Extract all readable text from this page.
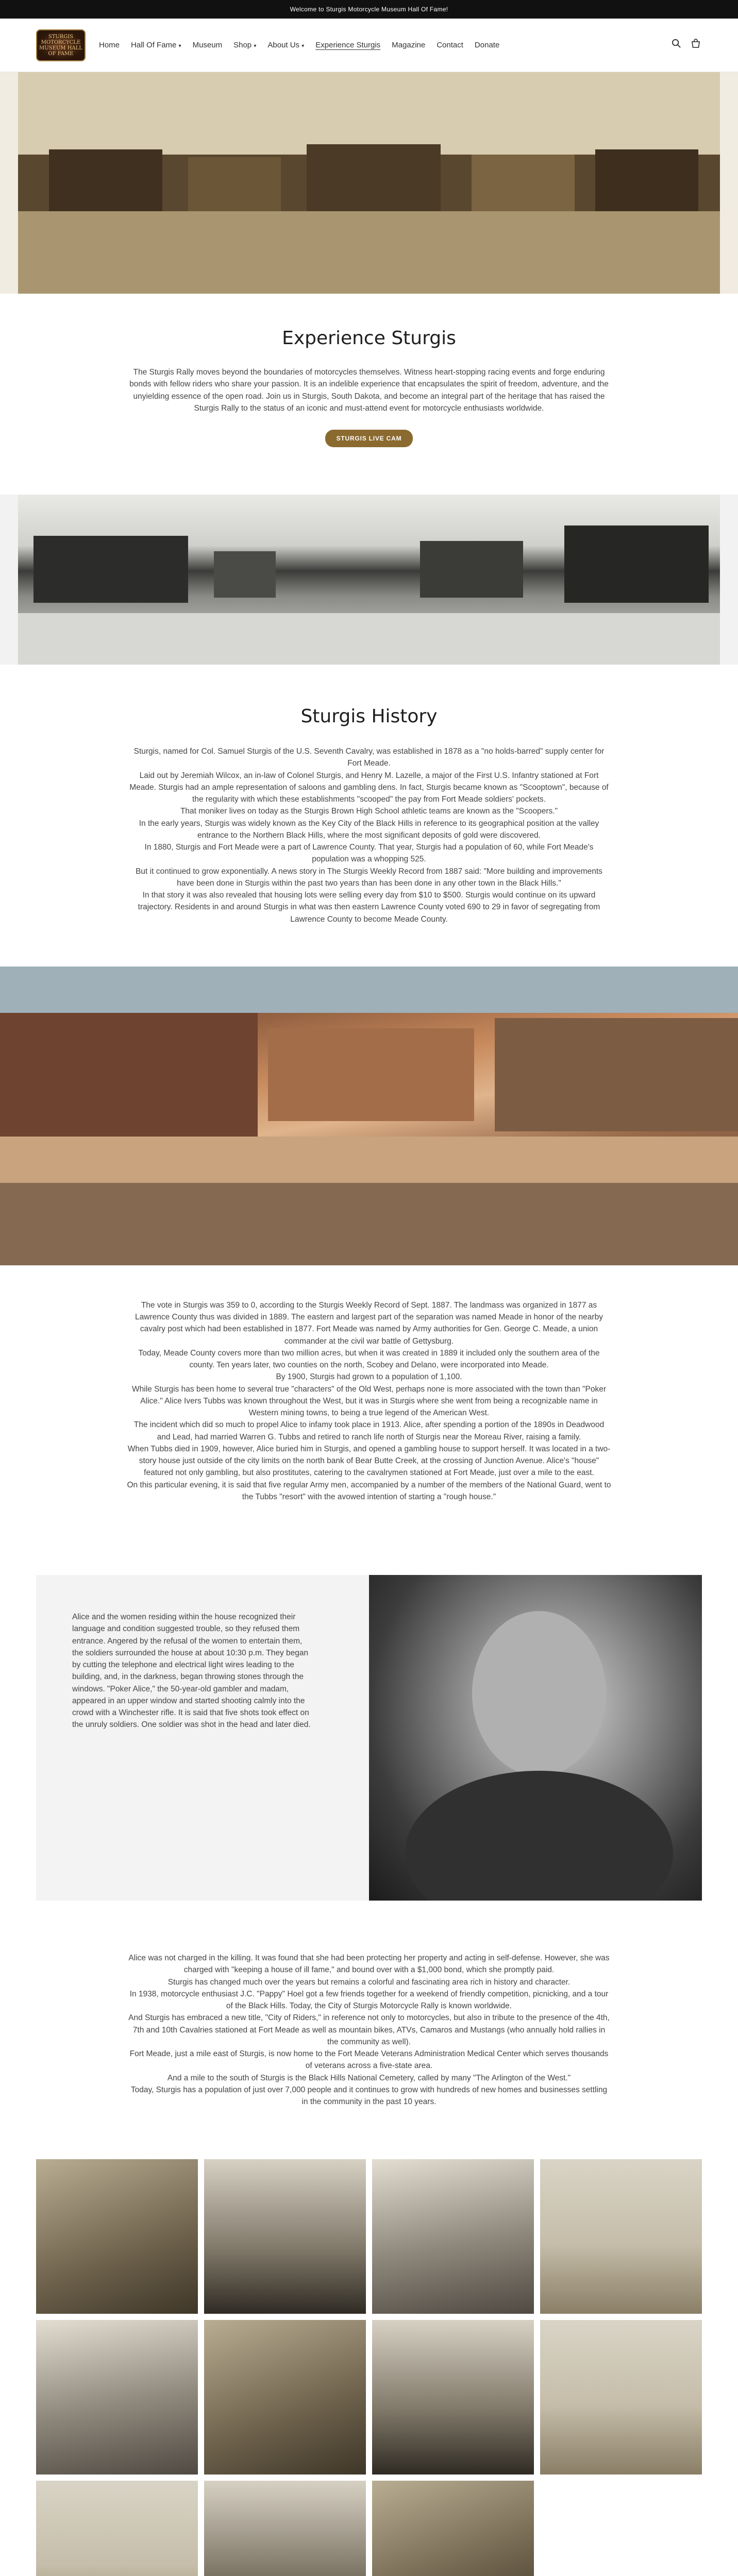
Welcome to Sturgis Motorcycle Museum Hall Of Fame!
STURGIS MOTORCYCLE MUSEUM HALL OF FAME
Home Hall Of Fame ▾ Museum Shop ▾ About Us ▾ Experience Sturgis Magazine Contact Donate
Experience Sturgis

The Sturgis Rally moves beyond the boundaries of motorcycles themselves. Witness heart-stopping racing events and forge enduring bonds with fellow riders who share your passion. It is an indelible experience that encapsulates the spirit of freedom, adventure, and the unyielding essence of the open road. Join us in Sturgis, South Dakota, and become an integral part of the heritage that has raised the Sturgis Rally to the status of an iconic and must-attend event for motorcycle enthusiasts worldwide.

STURGIS LIVE CAM
Sturgis History

Sturgis, named for Col. Samuel Sturgis of the U.S. Seventh Cavalry, was established in 1878 as a "no holds-barred" supply center for Fort Meade.

Laid out by Jeremiah Wilcox, an in-law of Colonel Sturgis, and Henry M. Lazelle, a major of the First U.S. Infantry stationed at Fort Meade. Sturgis had an ample representation of saloons and gambling dens. In fact, Sturgis became known as "Scooptown", because of the regularity with which these establishments "scooped" the pay from Fort Meade soldiers' pockets.

That moniker lives on today as the Sturgis Brown High School athletic teams are known as the "Scoopers."

In the early years, Sturgis was widely known as the Key City of the Black Hills in reference to its geographical position at the valley entrance to the Northern Black Hills, where the most significant deposits of gold were discovered.

In 1880, Sturgis and Fort Meade were a part of Lawrence County. That year, Sturgis had a population of 60, while Fort Meade's population was a whopping 525.

But it continued to grow exponentially. A news story in The Sturgis Weekly Record from 1887 said: "More building and improvements have been done in Sturgis within the past two years than has been done in any other town in the Black Hills."

In that story it was also revealed that housing lots were selling every day from $10 to $500. Sturgis would continue on its upward trajectory. Residents in and around Sturgis in what was then eastern Lawrence County voted 690 to 29 in favor of segregating from Lawrence County to become Meade County.

The vote in Sturgis was 359 to 0, according to the Sturgis Weekly Record of Sept. 1887. The landmass was organized in 1877 as Lawrence County thus was divided in 1889. The eastern and largest part of the separation was named Meade in honor of the nearby cavalry post which had been established in 1877. Fort Meade was named by Army authorities for Gen. George C. Meade, a union commander at the civil war battle of Gettysburg.

Today, Meade County covers more than two million acres, but when it was created in 1889 it included only the southern area of the county. Ten years later, two counties on the north, Scobey and Delano, were incorporated into Meade.

By 1900, Sturgis had grown to a population of 1,100.

While Sturgis has been home to several true "characters" of the Old West, perhaps none is more associated with the town than "Poker Alice." Alice Ivers Tubbs was known throughout the West, but it was in Sturgis where she went from being a recognizable name in Western mining towns, to being a true legend of the American West.

The incident which did so much to propel Alice to infamy took place in 1913. Alice, after spending a portion of the 1890s in Deadwood and Lead, had married Warren G. Tubbs and retired to ranch life north of Sturgis near the Moreau River, raising a family.

When Tubbs died in 1909, however, Alice buried him in Sturgis, and opened a gambling house to support herself. It was located in a two-story house just outside of the city limits on the north bank of Bear Butte Creek, at the crossing of Junction Avenue. Alice's "house" featured not only gambling, but also prostitutes, catering to the cavalrymen stationed at Fort Meade, just over a mile to the east.

On this particular evening, it is said that five regular Army men, accompanied by a number of the members of the National Guard, went to the Tubbs "resort" with the avowed intention of starting a "rough house."

Alice and the women residing within the house recognized their language and condition suggested trouble, so they refused them entrance. Angered by the refusal of the women to entertain them, the soldiers surrounded the house at about 10:30 p.m. They began by cutting the telephone and electrical light wires leading to the building, and, in the darkness, began throwing stones through the windows. "Poker Alice," the 50-year-old gambler and madam, appeared in an upper window and started shooting calmly into the crowd with a Winchester rifle. It is said that five shots took effect on the unruly soldiers. One soldier was shot in the head and later died.

Alice was not charged in the killing. It was found that she had been protecting her property and acting in self-defense. However, she was charged with "keeping a house of ill fame," and bound over with a $1,000 bond, which she promptly paid.

Sturgis has changed much over the years but remains a colorful and fascinating area rich in history and character.

In 1938, motorcycle enthusiast J.C. "Pappy" Hoel got a few friends together for a weekend of friendly competition, picnicking, and a tour of the Black Hills. Today, the City of Sturgis Motorcycle Rally is known worldwide.

And Sturgis has embraced a new title, "City of Riders," in reference not only to motorcycles, but also in tribute to the presence of the 4th, 7th and 10th Cavalries stationed at Fort Meade as well as mountain bikes, ATVs, Camaros and Mustangs (who annually hold rallies in the community as well).

Fort Meade, just a mile east of Sturgis, is now home to the Fort Meade Veterans Administration Medical Center which serves thousands of veterans across a five-state area.

And a mile to the south of Sturgis is the Black Hills National Cemetery, called by many "The Arlington of the West."

Today, Sturgis has a population of just over 7,000 people and it continues to grow with hundreds of new homes and businesses settling in the community in the past 10 years.
